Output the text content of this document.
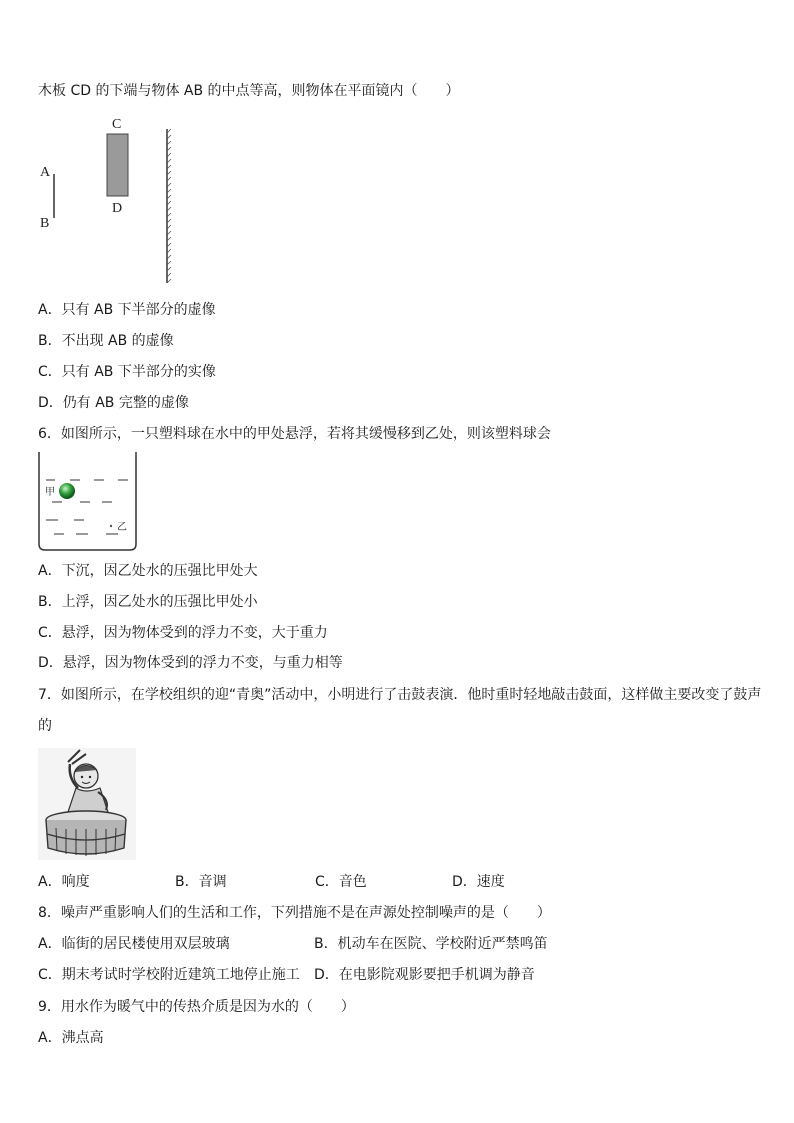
木板 CD 的下端与物体 AB 的中点等高，则物体在平面镜内（　　）
A
B
C
D
A．只有 AB 下半部分的虚像
B．不出现 AB 的虚像
C．只有 AB 下半部分的实像
D．仍有 AB 完整的虚像
6．如图所示，一只塑料球在水中的甲处悬浮，若将其缓慢移到乙处，则该塑料球会
甲
乙
A．下沉，因乙处水的压强比甲处大
B．上浮，因乙处水的压强比甲处小
C．悬浮，因为物体受到的浮力不变，大于重力
D．悬浮，因为物体受到的浮力不变，与重力相等
7．如图所示，在学校组织的迎“青奥”活动中，小明进行了击鼓表演．他时重时轻地敲击鼓面，这样做主要改变了鼓声
的
A．响度	B．音调	C．音色	D．速度
8．噪声严重影响人们的生活和工作，下列措施不是在声源处控制噪声的是（　　）
A．临街的居民楼使用双层玻璃	B．机动车在医院、学校附近严禁鸣笛
C．期末考试时学校附近建筑工地停止施工 D．在电影院观影要把手机调为静音
9．用水作为暖气中的传热介质是因为水的（　　）
A．沸点高
